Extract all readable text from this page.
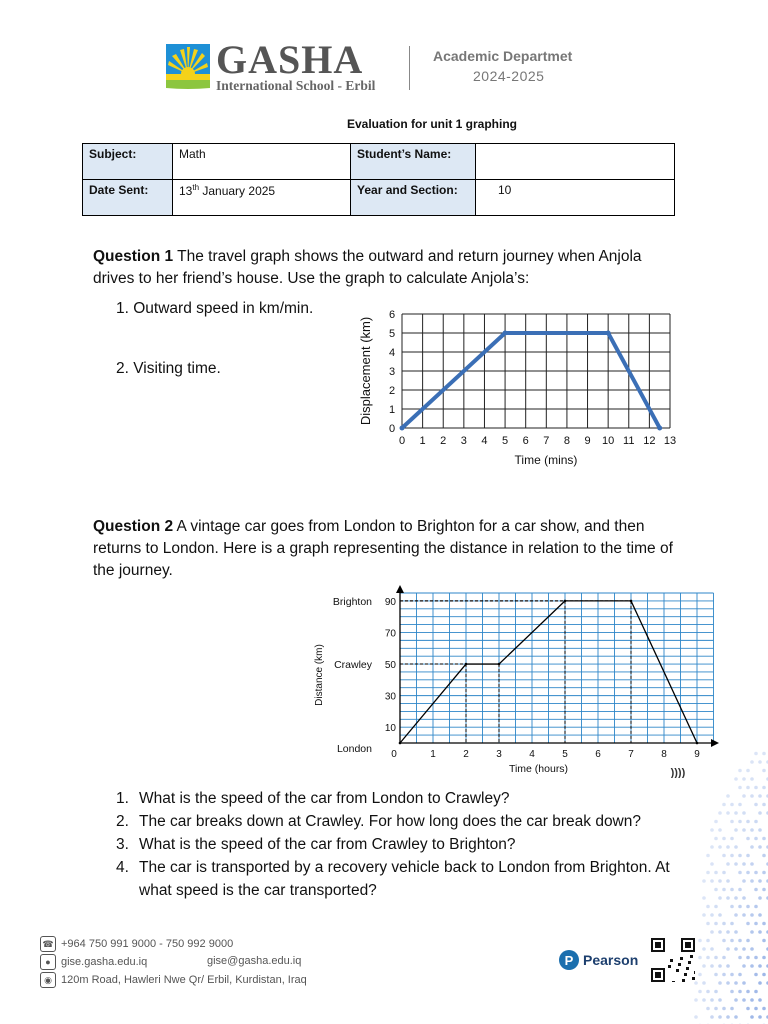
GASHA
International School - Erbil
Academic Departmet
2024-2025
Evaluation for unit 1 graphing
Subject:	Math	Student’s Name:	
Date Sent:	13th January 2025	Year and Section:	10
Question 1 The travel graph shows the outward and return journey when Anjola drives to her friend’s house. Use the graph to calculate Anjola’s:
1. Outward speed in km/min.
2. Visiting time.
0 1 2 3 4 5 6 7 8 9 10 11 12 13
0
1
2
3
4
5
6
Time (mins)
Displacement (km)
Question 2 A vintage car goes from London to Brighton for a car show, and then returns to London. Here is a graph representing the distance in relation to the time of the journey.
0	1	2	3	4	5	6	7	8	9
10
30
50
70
90
Brighton
Crawley
London
Time (hours)
Distance (km)
))))
1. What is the speed of the car from London to Crawley?
2. The car breaks down at Crawley. For how long does the car break down?
3. What is the speed of the car from Crawley to Brighton?
4. The car is transported by a recovery vehicle back to London from Brighton. At what speed is the car transported?
☎ +964 750 991 9000 - 750 992 9000
● gise.gasha.edu.iq	gise@gasha.edu.iq
◉ 120m Road, Hawleri Nwe Qr/ Erbil, Kurdistan, Iraq
P Pearson
